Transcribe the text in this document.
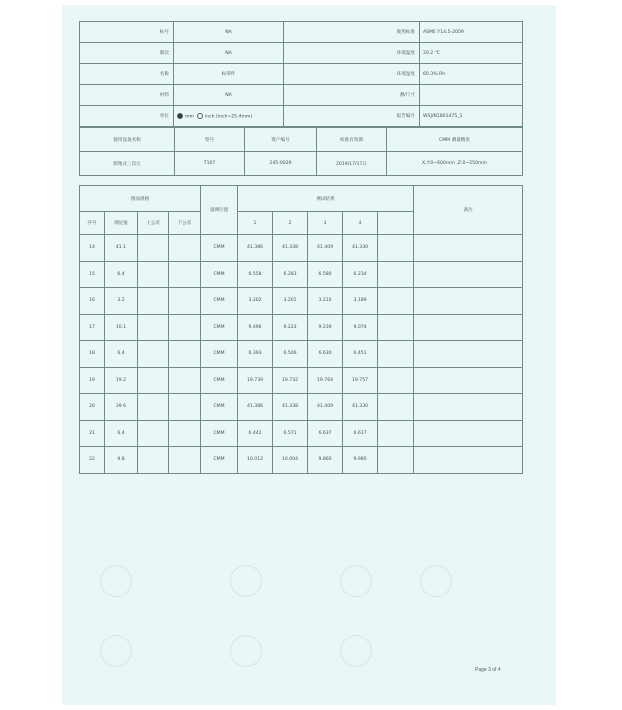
标号	NA	使用标准	ASME Y14.5-2009
版次	NA	环境温度	20.2 ℃
名称	标零件	环境湿度	60.3% Rh
材料	NA	测/尺寸	
单位	mm inch (inch=25.4mm)	报告编号	WSJ/N1801475_1
使用设备名称	型号	资产编号	校准有效期	CMM 测量精度
影像式三次元	7107	245-0029	2019/17/17日	X,Y:0~600mm ,Z:0~250mm
图面规格				量测位置	测试结果					备注
序号	理论值	上公差	下公差		1	2	3	4		
14	41.1			CMM	41.386	41.338	41.409	41.330		
15	6.4			CMM	6.558	6.283	6.580	6.234		
16	3.2			CMM	3.202	3.201	3.210	3.189		
17	10.1			CMM	9.496	9.223	9.239	9.074		
18	6.4			CMM	6.393	6.506	6.630	6.451		
19	19.2			CMM	19.739	19.732	19.764	19.757		
20	39.6			CMM	41.386	41.338	41.409	41.330		
21	6.4			CMM	6.442	6.571	6.637	6.617		
22	9.8			CMM	10.012	10.004	9.860	9.980		
Page 3 of 4
